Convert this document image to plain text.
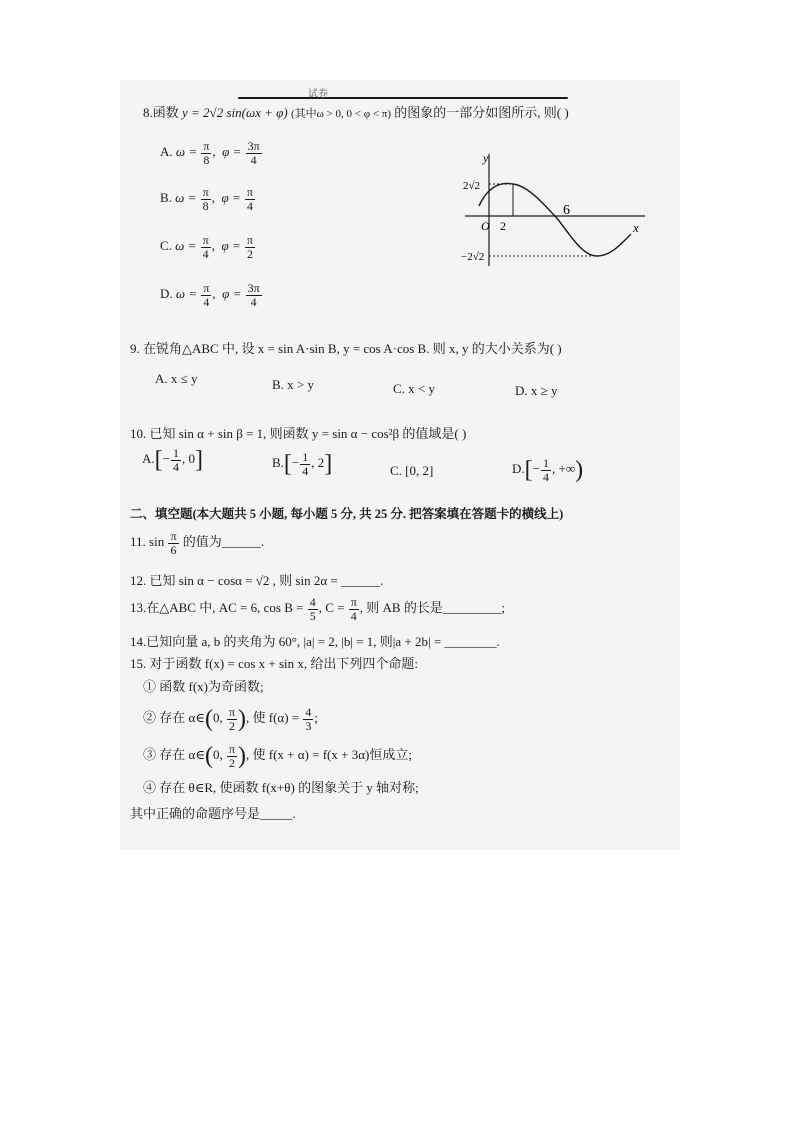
试卷
8.函数 y = 2√2 sin(ωx + φ) (其中ω > 0, 0 < φ < π) 的图象的一部分如图所示, 则( )
A. $\omega = \frac{\pi}{8}$ ,  $\varphi = \frac{3\pi}{4}$
B. $\omega = \frac{\pi}{8}$ ,  $\varphi = \frac{\pi}{4}$
C. $\omega = \frac{\pi}{4}$ ,  $\varphi = \frac{\pi}{2}$
D. $\omega = \frac{\pi}{4}$ ,  $\varphi = \frac{3\pi}{4}$
y
x
O 2
6
2√2
−2√2
9. 在锐角△ABC 中, 设 x = sin A·sin B, y = cos A·cos B. 则 x, y 的大小关系为( )
A. x ≤ y	B. x > y	C. x < y	D. x ≥ y
10. 已知 sin α + sin β = 1, 则函数 y = sin α − cos²β 的值域是( )
$A.[- \frac{1}{4}$ , 0]	$B.[- \frac{1}{4}$ , 2]	C. [0, 2]	$D.[- \frac{1}{4}$ , +∞)
二、填空题(本大题共 5 小题, 每小题 5 分, 共 25 分. 把答案填在答题卡的横线上)
11. $\sin \frac{\pi}{6}$ 的值为______.
12. 已知 sin α − cosα = √2 , 则 sin 2α = ______.
13.在△ABC 中, AC = 6, $\cos B = \frac{4}{5}$ , $C = \frac{\pi}{4}$ , 则 AB 的长是_________;
14.已知向量 a, b 的夹角为 60°, |a| = 2, |b| = 1, 则|a + 2b| = ________.
15. 对于函数 f(x) = cos x + sin x, 给出下列四个命题:
① 函数 f(x)为奇函数;
② 存在 α∈(0, $\frac{\pi}{2}$ ), 使 $f(\alpha) = \frac{4}{3}$ ;
③ 存在 α∈(0, $\frac{\pi}{2}$ ), 使 f(x + α) = f(x + 3α)恒成立;
④ 存在 θ∈R, 使函数 f(x+θ) 的图象关于 y 轴对称;
其中正确的命题序号是_____.
